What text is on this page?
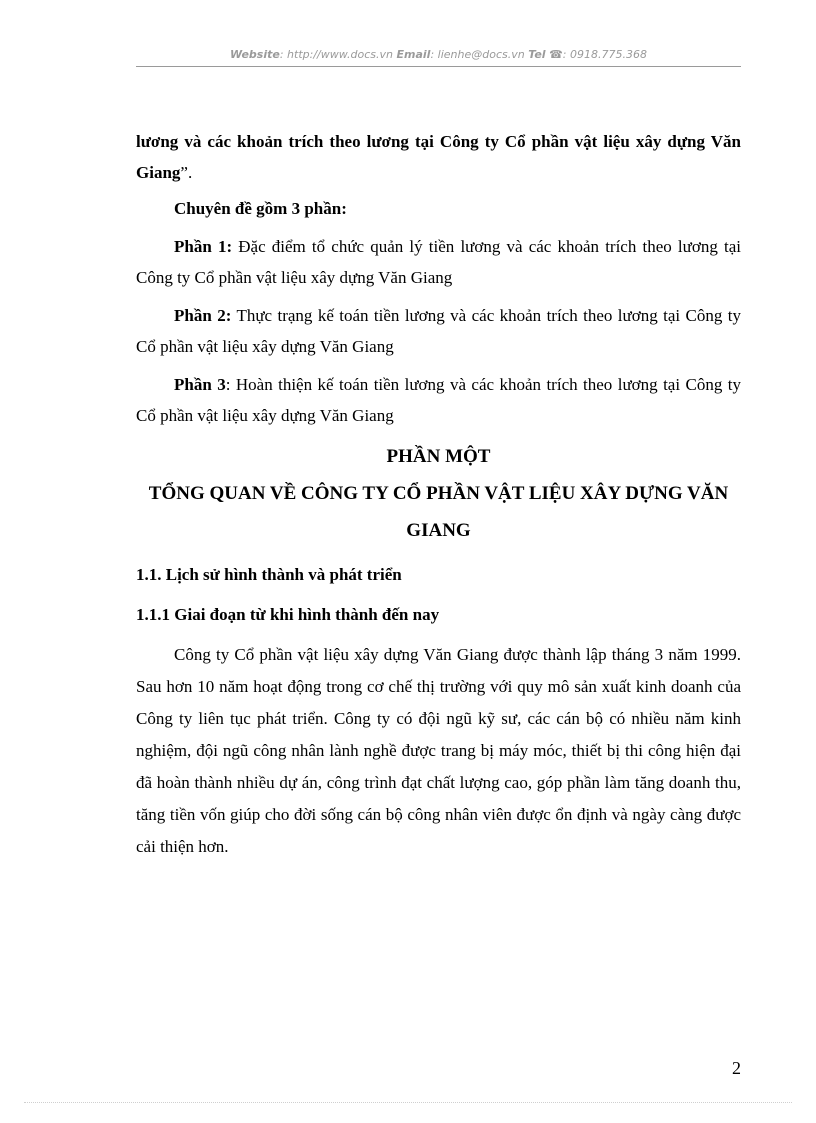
Website: http://www.docs.vn Email: lienhe@docs.vn Tel ☎: 0918.775.368

lương và các khoản trích theo lương tại Công ty Cổ phần vật liệu xây dựng Văn Giang”.

Chuyên đề gồm 3 phần:

Phần 1: Đặc điểm tổ chức quản lý tiền lương và các khoản trích theo lương tại Công ty Cổ phần vật liệu xây dựng Văn Giang

Phần 2: Thực trạng kế toán tiền lương và các khoản trích theo lương tại Công ty Cổ phần vật liệu xây dựng Văn Giang

Phần 3: Hoàn thiện kế toán tiền lương và các khoản trích theo lương tại Công ty Cổ phần vật liệu xây dựng Văn Giang

PHẦN MỘT

TỔNG QUAN VỀ CÔNG TY CỔ PHẦN VẬT LIỆU XÂY DỰNG VĂN GIANG

1.1. Lịch sử hình thành và phát triển

1.1.1 Giai đoạn từ khi hình thành đến nay

Công ty Cổ phần vật liệu xây dựng Văn Giang được thành lập tháng 3 năm 1999. Sau hơn 10 năm hoạt động trong cơ chế thị trường với quy mô sản xuất kinh doanh của Công ty liên tục phát triển. Công ty có đội ngũ kỹ sư, các cán bộ có nhiều năm kinh nghiệm, đội ngũ công nhân lành nghề được trang bị máy móc, thiết bị thi công hiện đại đã hoàn thành nhiều dự án, công trình đạt chất lượng cao, góp phần làm tăng doanh thu, tăng tiền vốn giúp cho đời sống cán bộ công nhân viên được ổn định và ngày càng được cải thiện hơn.

2
